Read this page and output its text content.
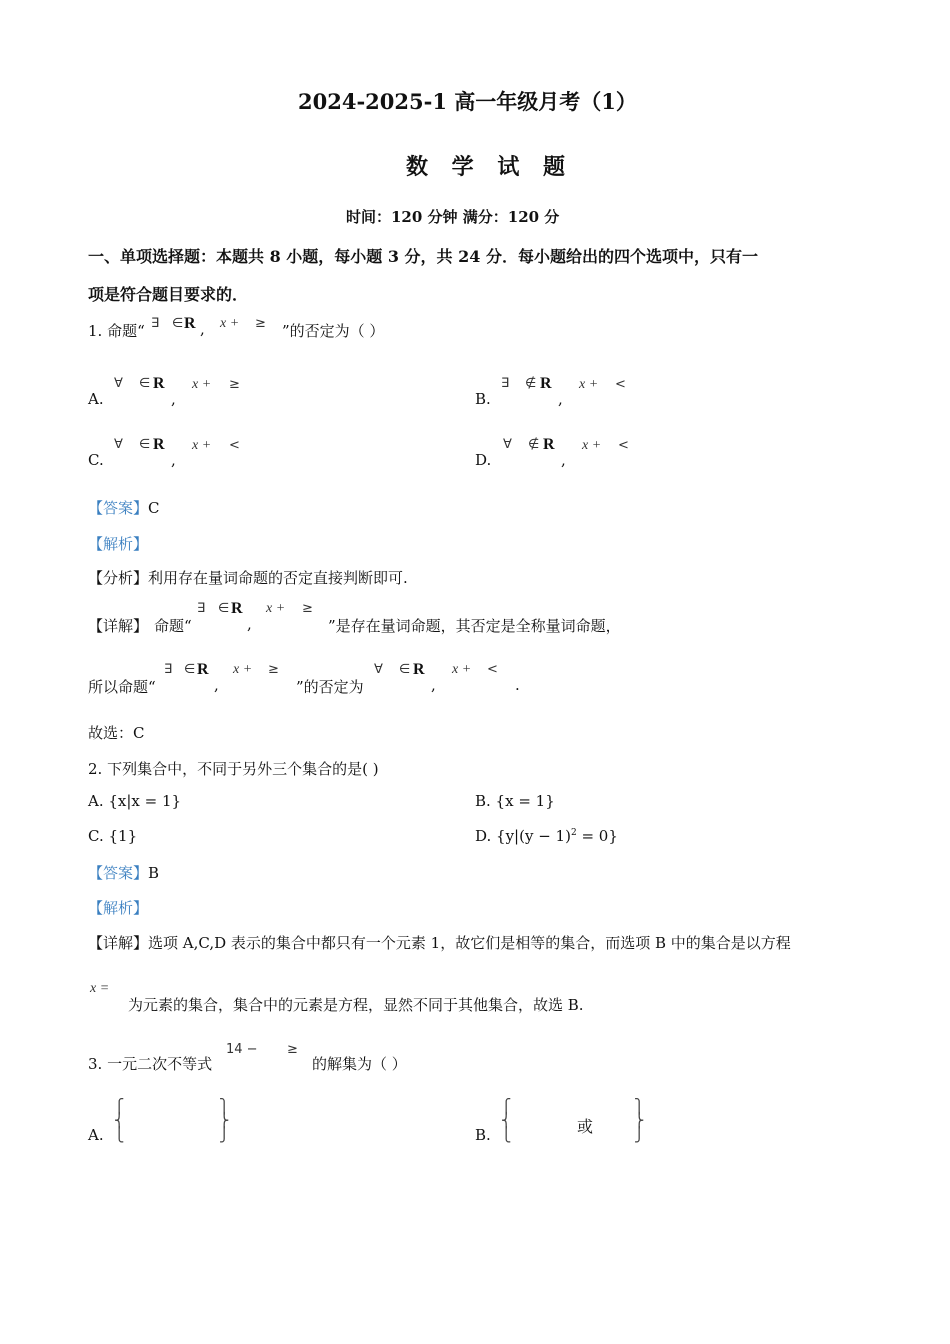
2024-2025-1 高一年级月考（1）
数 学 试 题
时间：120 分钟 满分：120 分
一、单项选择题：本题共 8 小题，每小题 3 分，共 24 分．每小题给出的四个选项中，只有一
项是符合题目要求的．
1. 命题“ ∃ ∈ R , x + ≥ ”的否定为（ ）
A.
∀ ∈ R
,
x + ≥
B.
∃ ∉ R
,
x + <
C.
∀ ∈ R
,
x + <
D.
∀ ∉ R
,
x + <
【答案】C
【解析】
【分析】利用存在量词命题的否定直接判断即可.
【详解】 命题“
∃ ∈ R
,
x + ≥
”是存在量词命题，其否定是全称量词命题，
所以命题“
∃ ∈ R
,
x + ≥
”的否定为
∀ ∈ R
,
x + <
.
故选：C
2. 下列集合中，不同于另外三个集合的是( )
A. {x|x = 1}	B. {x = 1}
C. {1}	D. $\{y|(y - 1)^2 = 0\}$
【答案】B
【解析】
【详解】选项 A,C,D 表示的集合中都只有一个元素 1，故它们是相等的集合，而选项 B 中的集合是以方程
x =
为元素的集合，集合中的元素是方程，显然不同于其他集合，故选 B.
3. 一元二次不等式
14 − ≥
的解集为（ ）
A.
⎧
⎨
⎩
⎫
⎬
⎭	B.
⎧
⎨
⎩	或
⎫
⎬
⎭
